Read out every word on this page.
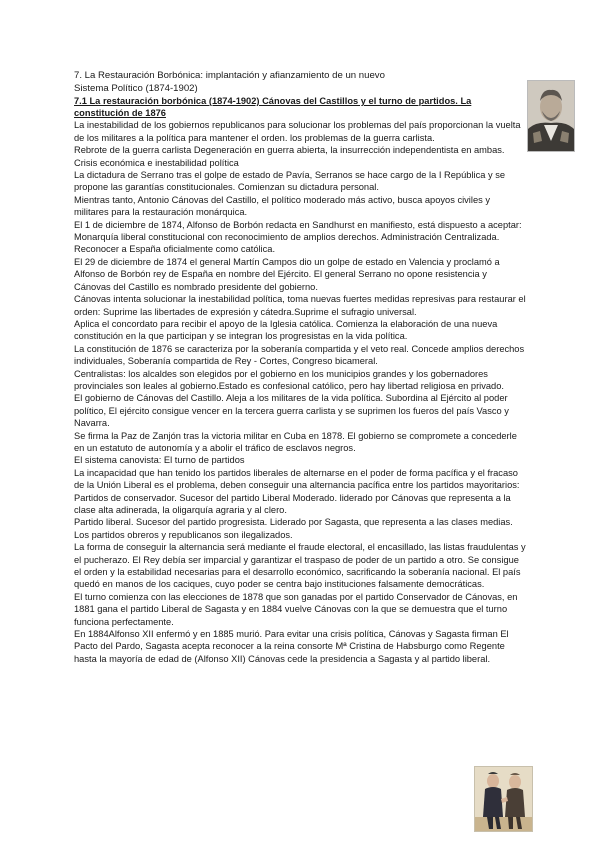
7. La Restauración Borbónica: implantación y afianzamiento de un nuevo Sistema Político (1874-1902)
7.1 La restauración borbónica (1874-1902) Cánovas del Castillos y el turno de partidos. La constitución de 1876

La inestabilidad de los gobiernos republicanos para solucionar los problemas del país proporcionan la vuelta de los militares a la política para mantener el orden. los problemas de la guerra carlista.

Rebrote de la guerra carlista Degeneración en guerra abierta, la insurrección independentista en ambas. Crisis económica e inestabilidad política

La dictadura de Serrano tras el golpe de estado de Pavía, Serranos se hace cargo de la I República y se propone las garantías constitucionales. Comienzan su dictadura personal.

Mientras tanto, Antonio Cánovas del Castillo, el político moderado más activo, busca apoyos civiles y militares para la restauración monárquica.

El 1 de diciembre de 1874, Alfonso de Borbón redacta en Sandhurst en manifiesto, está dispuesto a aceptar: Monarquía liberal constitucional con reconocimiento de amplios derechos. Administración Centralizada. Reconocer a España oficialmente como católica.

El 29 de diciembre de 1874 el general Martín Campos dio un golpe de estado en Valencia y proclamó a Alfonso de Borbón rey de España en nombre del Ejército. El general Serrano no opone resistencia y Cánovas del Castillo es nombrado presidente del gobierno.

Cánovas intenta solucionar la inestabilidad política, toma nuevas fuertes medidas represivas para restaurar el orden: Suprime las libertades de expresión y cátedra.Suprime el sufragio universal.

Aplica el concordato para recibir el apoyo de la Iglesia católica. Comienza la elaboración de una nueva constitución en la que participan y se integran los progresistas en la vida política.

La constitución de 1876 se caracteriza por la soberanía compartida y el veto real. Concede amplios derechos individuales, Soberanía compartida de Rey - Cortes, Congreso bicameral.

Centralistas: los alcaldes son elegidos por el gobierno en los municipios grandes y los gobernadores provinciales son leales al gobierno.Estado es confesional católico, pero hay libertad religiosa en privado.

El gobierno de Cánovas del Castillo. Aleja a los militares de la vida política. Subordina al Ejército al poder político, El ejército consigue vencer en la tercera guerra carlista y se suprimen los fueros del país Vasco y Navarra.

Se firma la Paz de Zanjón tras la victoria militar en Cuba en 1878. El gobierno se compromete a concederle en un estatuto de autonomía y a abolir el tráfico de esclavos negros.

El sistema canovista: El turno de partidos

La incapacidad que han tenido los partidos liberales de alternarse en el poder de forma pacífica y el fracaso de la Unión Liberal es el problema, deben conseguir una alternancia pacífica entre los partidos mayoritarios:

Partidos de conservador. Sucesor del partido Liberal Moderado. liderado por Cánovas que representa a la clase alta adinerada, la oligarquía agraria y al clero.

Partido liberal. Sucesor del partido progresista. Liderado por Sagasta, que representa a las clases medias. Los partidos obreros y republicanos son ilegalizados.

La forma de conseguir la alternancia será mediante el fraude electoral, el encasillado, las listas fraudulentas y el pucherazo. El Rey debía ser imparcial y garantizar el traspaso de poder de un partido a otro. Se consigue el orden y la estabilidad necesarias para el desarrollo económico, sacrificando la soberanía nacional. El país quedó en manos de los caciques, cuyo poder se centra bajo instituciones falsamente democráticas.

El turno comienza con las elecciones de 1878 que son ganadas por el partido Conservador de Cánovas, en 1881 gana el partido Liberal de Sagasta y en 1884 vuelve Cánovas con la que se demuestra que el turno funciona perfectamente.

En 1884Alfonso XII enfermó y en 1885 murió. Para evitar una crisis política, Cánovas y Sagasta firman El Pacto del Pardo, Sagasta acepta reconocer a la reina consorte Mª Cristina de Habsburgo como Regente hasta la mayoría de edad de (Alfonso XII) Cánovas cede la presidencia a Sagasta y al partido liberal.
